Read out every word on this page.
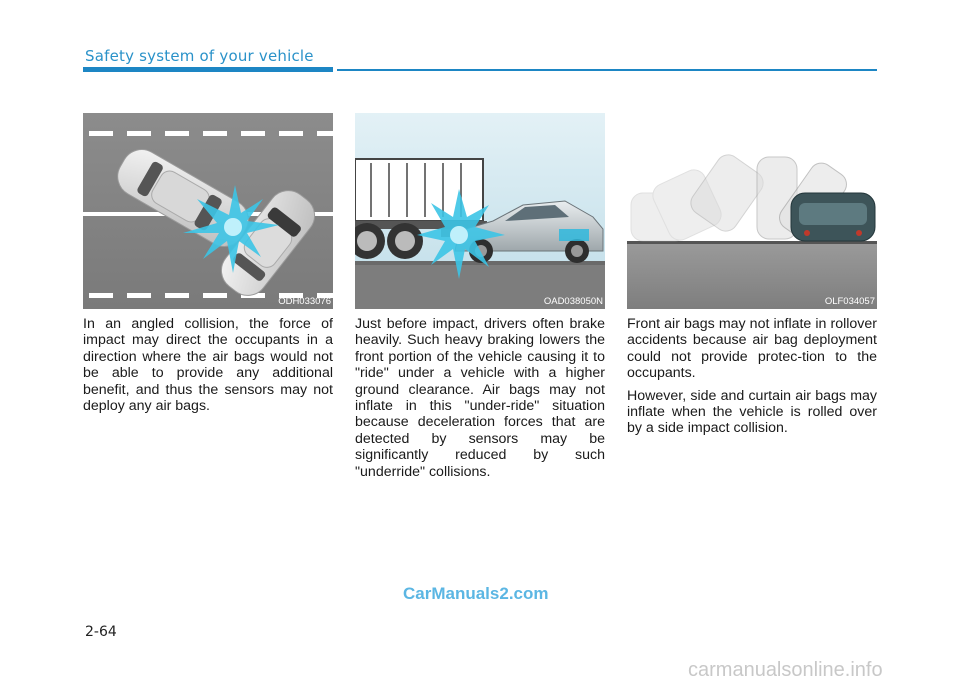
Safety system of your vehicle
ODH033076	OAD038050N	OLF034057

In an angled collision, the force of impact may direct the occupants in a direction where the air bags would not be able to provide any additional benefit, and thus the sensors may not deploy any air bags.

Just before impact, drivers often brake heavily. Such heavy braking lowers the front portion of the vehicle causing it to "ride" under a vehicle with a higher ground clearance. Air bags may not inflate in this "under-ride" situation because deceleration forces that are detected by sensors may be significantly reduced by such "underride" collisions.

Front air bags may not inflate in rollover accidents because air bag deployment could not provide protec-tion to the occupants.

However, side and curtain air bags may inflate when the vehicle is rolled over by a side impact collision.

CarManuals2.com
2-64
carmanualsonline.info
